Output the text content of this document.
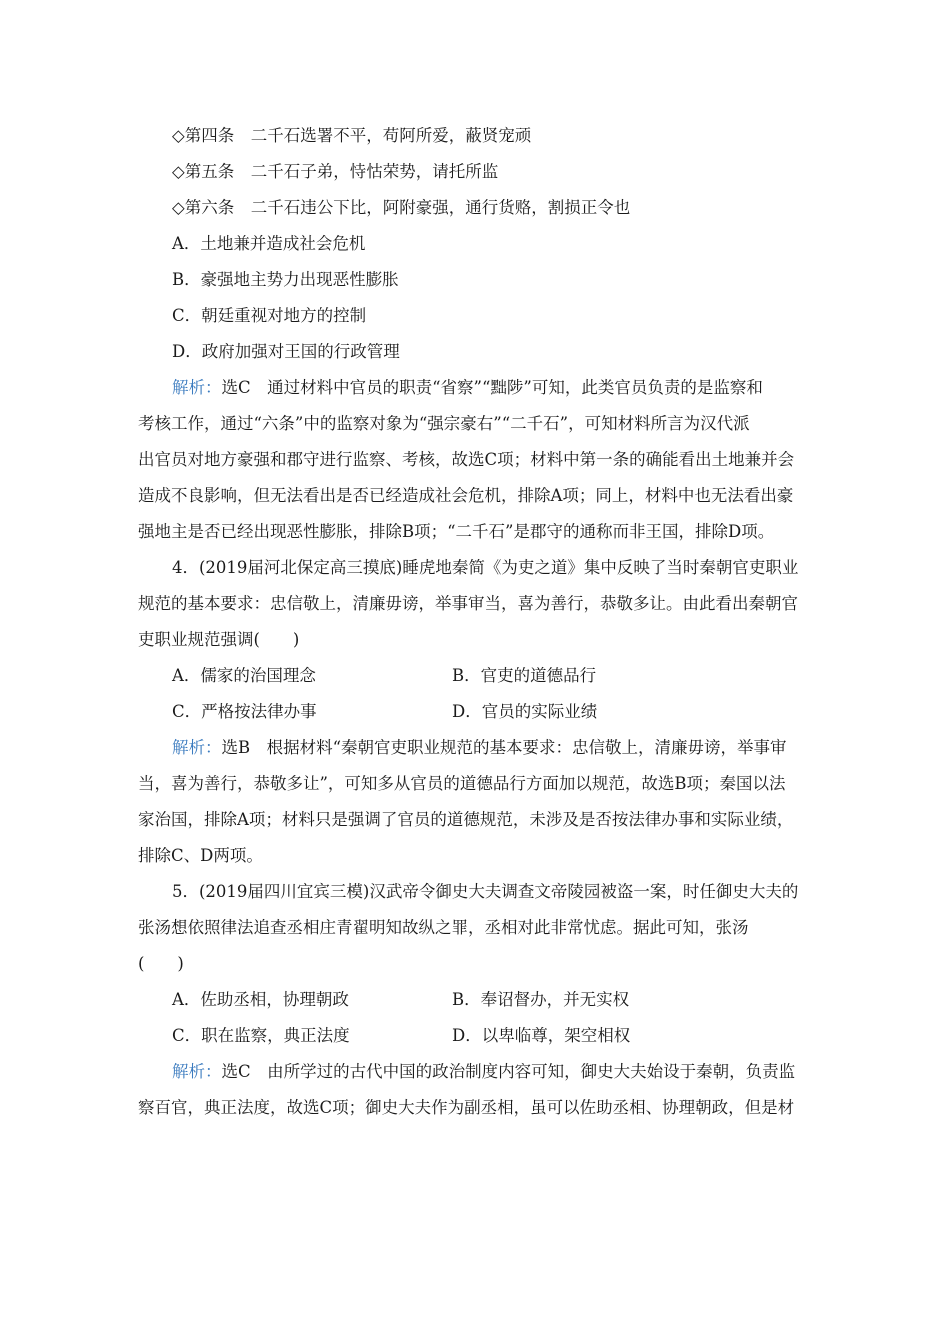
◇第四条　二千石选署不平，苟阿所爱，蔽贤宠顽
◇第五条　二千石子弟，恃怙荣势，请托所监
◇第六条　二千石违公下比，阿附豪强，通行货赂，割损正令也
A．土地兼并造成社会危机
B．豪强地主势力出现恶性膨胀
C．朝廷重视对地方的控制
D．政府加强对王国的行政管理
解析：选C　通过材料中官员的职责“省察”“黜陟”可知，此类官员负责的是监察和
考核工作，通过“六条”中的监察对象为“强宗豪右”“二千石”，可知材料所言为汉代派
出官员对地方豪强和郡守进行监察、考核，故选C项；材料中第一条的确能看出土地兼并会
造成不良影响，但无法看出是否已经造成社会危机，排除A项；同上，材料中也无法看出豪
强地主是否已经出现恶性膨胀，排除B项；“二千石”是郡守的通称而非王国，排除D项。
4．(2019届河北保定高三摸底)睡虎地秦简《为吏之道》集中反映了当时秦朝官吏职业
规范的基本要求：忠信敬上，清廉毋谤，举事审当，喜为善行，恭敬多让。由此看出秦朝官
吏职业规范强调(　　)
A．儒家的治国理念	B．官吏的道德品行
C．严格按法律办事	D．官员的实际业绩
解析：选B　根据材料“秦朝官吏职业规范的基本要求：忠信敬上，清廉毋谤，举事审
当，喜为善行，恭敬多让”，可知多从官员的道德品行方面加以规范，故选B项；秦国以法
家治国，排除A项；材料只是强调了官员的道德规范，未涉及是否按法律办事和实际业绩，
排除C、D两项。
5．(2019届四川宜宾三模)汉武帝令御史大夫调查文帝陵园被盗一案，时任御史大夫的
张汤想依照律法追查丞相庄青翟明知故纵之罪，丞相对此非常忧虑。据此可知，张汤
(　　)
A．佐助丞相，协理朝政	B．奉诏督办，并无实权
C．职在监察，典正法度	D．以卑临尊，架空相权
解析：选C　由所学过的古代中国的政治制度内容可知，御史大夫始设于秦朝，负责监
察百官，典正法度，故选C项；御史大夫作为副丞相，虽可以佐助丞相、协理朝政，但是材
